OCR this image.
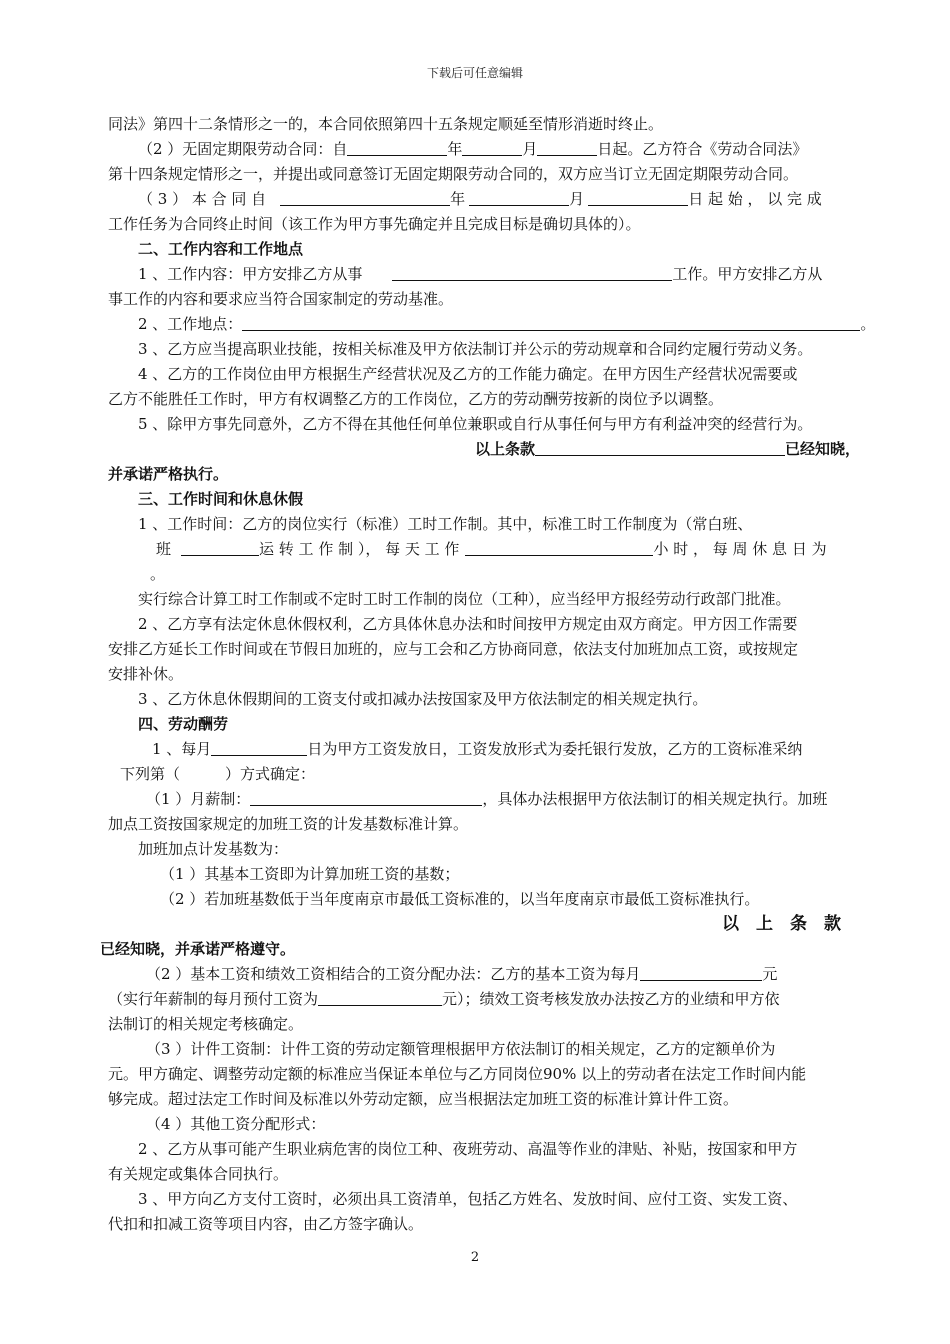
下载后可任意编辑
同法》第四十二条情形之一的，本合同依照第四十五条规定顺延至情形消逝时终止。
（2 ）无固定期限劳动合同：自	年	月	日起。乙方符合《劳动合同法》
第十四条规定情形之一，并提出或同意签订无固定期限劳动合同的，双方应当订立无固定期限劳动合同。
（ 3 ） 本 合 同 自	年	月	日 起 始 ， 以 完 成
工作任务为合同终止时间（该工作为甲方事先确定并且完成目标是确切具体的）。
二、工作内容和工作地点
1 、工作内容：甲方安排乙方从事	工作。甲方安排乙方从
事工作的内容和要求应当符合国家制定的劳动基准。
2 、工作地点：	。
3 、乙方应当提高职业技能，按相关标准及甲方依法制订并公示的劳动规章和合同约定履行劳动义务。
4 、乙方的工作岗位由甲方根据生产经营状况及乙方的工作能力确定。在甲方因生产经营状况需要或
乙方不能胜任工作时，甲方有权调整乙方的工作岗位，乙方的劳动酬劳按新的岗位予以调整。
5 、除甲方事先同意外，乙方不得在其他任何单位兼职或自行从事任何与甲方有利益冲突的经营行为。
以上条款	已经知晓，
并承诺严格执行。
三、工作时间和休息休假
1 、工作时间：乙方的岗位实行（标准）工时工作制。其中，标准工时工作制度为（常白班、
班	运 转 工 作 制 ）， 每 天 工 作	小 时 ， 每 周 休 息 日 为
。
实行综合计算工时工作制或不定时工时工作制的岗位（工种），应当经甲方报经劳动行政部门批准。
2 、乙方享有法定休息休假权利，乙方具体休息办法和时间按甲方规定由双方商定。甲方因工作需要
安排乙方延长工作时间或在节假日加班的，应与工会和乙方协商同意，依法支付加班加点工资，或按规定
安排补休。
3 、乙方休息休假期间的工资支付或扣减办法按国家及甲方依法制定的相关规定执行。
四、劳动酬劳
1 、每月	日为甲方工资发放日，工资发放形式为委托银行发放，乙方的工资标准采纳
下列第（　　　）方式确定：
（1 ）月薪制：	，具体办法根据甲方依法制订的相关规定执行。加班
加点工资按国家规定的加班工资的计发基数标准计算。
加班加点计发基数为：
（1 ）其基本工资即为计算加班工资的基数；
（2 ）若加班基数低于当年度南京市最低工资标准的，以当年度南京市最低工资标准执行。
以　上　条　款
已经知晓，并承诺严格遵守。
（2 ）基本工资和绩效工资相结合的工资分配办法：乙方的基本工资为每月	元
（实行年薪制的每月预付工资为	元）；绩效工资考核发放办法按乙方的业绩和甲方依
法制订的相关规定考核确定。
（3 ）计件工资制：计件工资的劳动定额管理根据甲方依法制订的相关规定，乙方的定额单价为
元。甲方确定、调整劳动定额的标准应当保证本单位与乙方同岗位90% 以上的劳动者在法定工作时间内能
够完成。超过法定工作时间及标准以外劳动定额，应当根据法定加班工资的标准计算计件工资。
（4 ）其他工资分配形式：
2 、乙方从事可能产生职业病危害的岗位工种、夜班劳动、高温等作业的津贴、补贴，按国家和甲方
有关规定或集体合同执行。
3 、甲方向乙方支付工资时，必须出具工资清单，包括乙方姓名、发放时间、应付工资、实发工资、
代扣和扣减工资等项目内容，由乙方签字确认。
2
